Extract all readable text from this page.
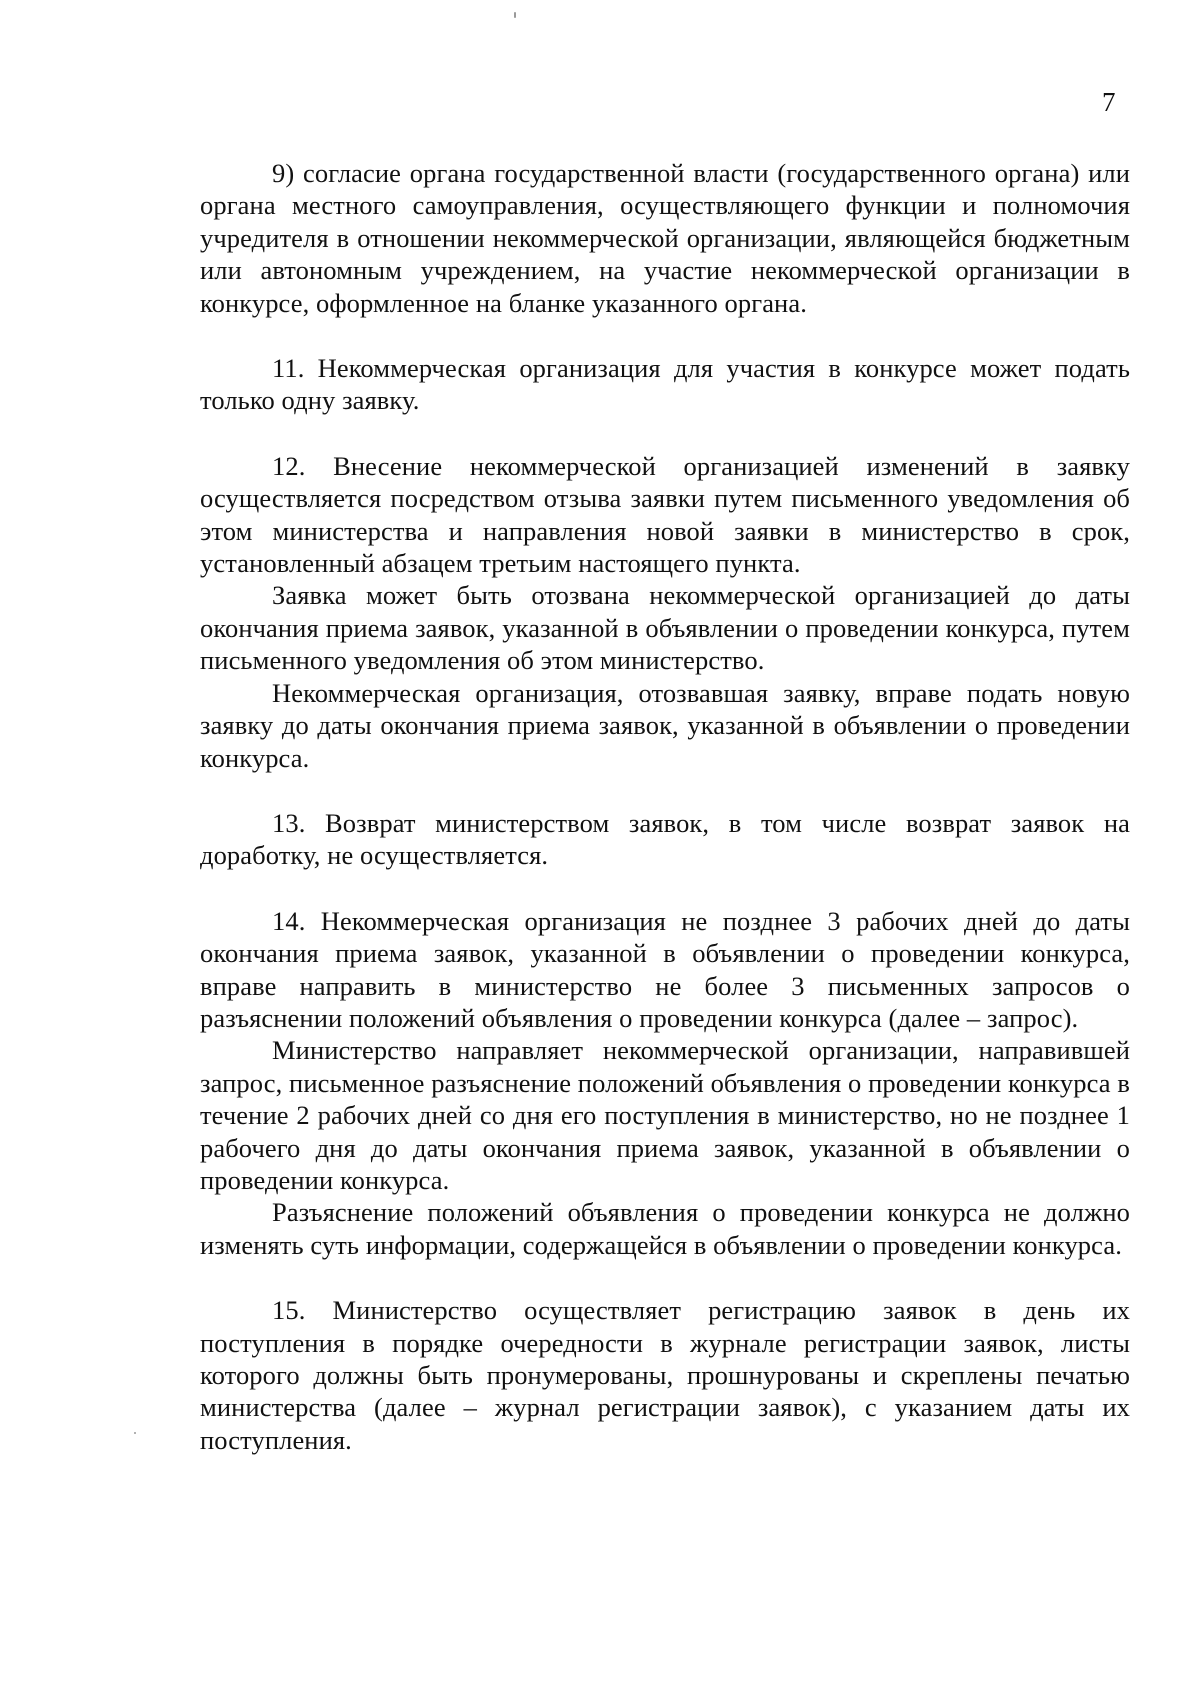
7

9) согласие органа государственной власти (государственного органа) или органа местного самоуправления, осуществляющего функции и полномочия учредителя в отношении некоммерческой организации, являющейся бюджетным или автономным учреждением, на участие некоммерческой организации в конкурсе, оформленное на бланке указанного органа.

11. Некоммерческая организация для участия в конкурсе может подать только одну заявку.

12. Внесение некоммерческой организацией изменений в заявку осуществляется посредством отзыва заявки путем письменного уведомления об этом министерства и направления новой заявки в министерство в срок, установленный абзацем третьим настоящего пункта.

Заявка может быть отозвана некоммерческой организацией до даты окончания приема заявок, указанной в объявлении о проведении конкурса, путем письменного уведомления об этом министерство.

Некоммерческая организация, отозвавшая заявку, вправе подать новую заявку до даты окончания приема заявок, указанной в объявлении о проведении конкурса.

13. Возврат министерством заявок, в том числе возврат заявок на доработку, не осуществляется.

14. Некоммерческая организация не позднее 3 рабочих дней до даты окончания приема заявок, указанной в объявлении о проведении конкурса, вправе направить в министерство не более 3 письменных запросов о разъяснении положений объявления о проведении конкурса (далее – запрос).

Министерство направляет некоммерческой организации, направившей запрос, письменное разъяснение положений объявления о проведении конкурса в течение 2 рабочих дней со дня его поступления в министерство, но не позднее 1 рабочего дня до даты окончания приема заявок, указанной в объявлении о проведении конкурса.

Разъяснение положений объявления о проведении конкурса не должно изменять суть информации, содержащейся в объявлении о проведении конкурса.

15. Министерство осуществляет регистрацию заявок в день их поступления в порядке очередности в журнале регистрации заявок, листы которого должны быть пронумерованы, прошнурованы и скреплены печатью министерства (далее – журнал регистрации заявок), с указанием даты их поступления.
